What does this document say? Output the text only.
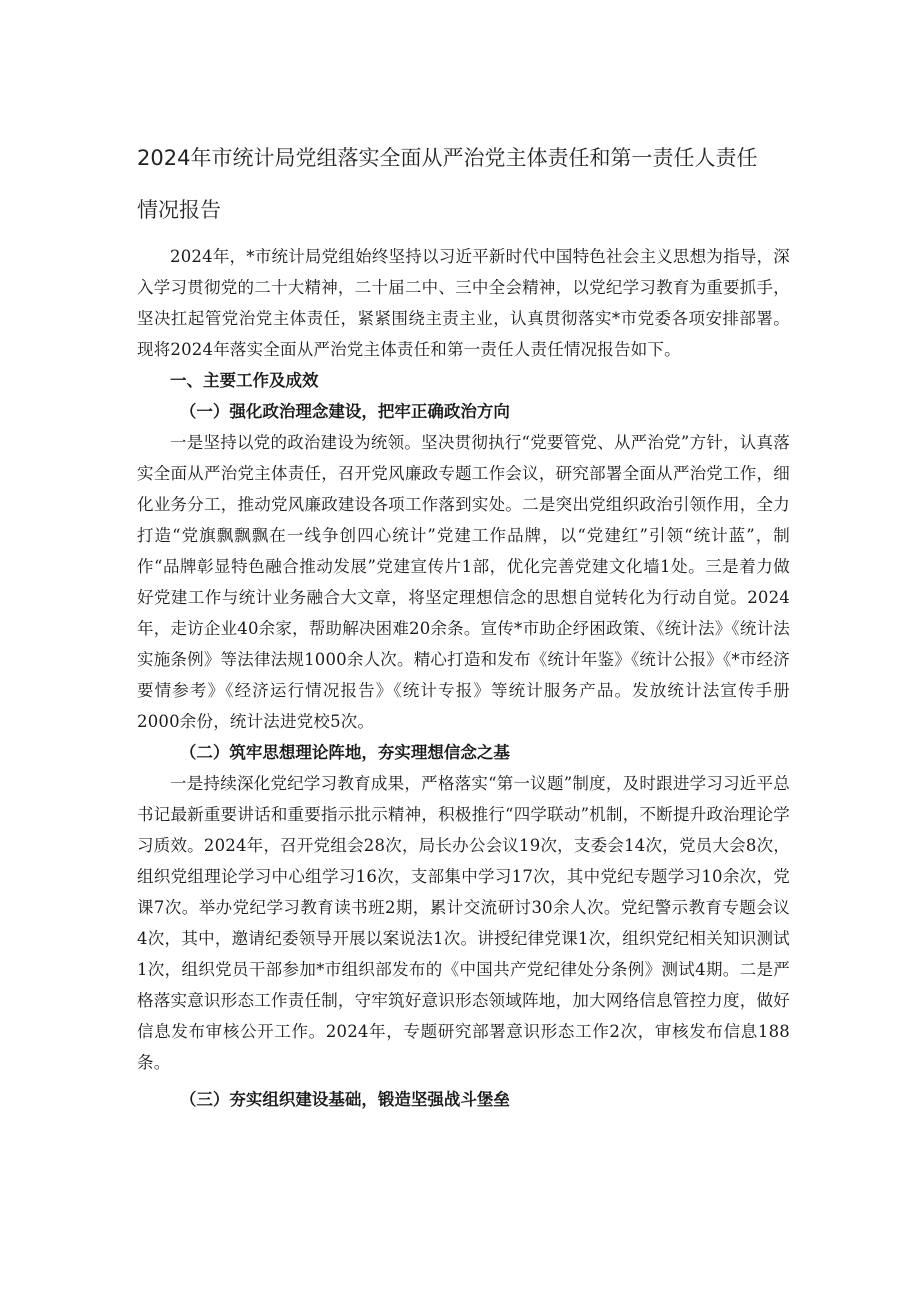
2024年市统计局党组落实全面从严治党主体责任和第一责任人责任
情况报告

2024年，*市统计局党组始终坚持以习近平新时代中国特色社会主义思想为指导，深入学习贯彻党的二十大精神，二十届二中、三中全会精神，以党纪学习教育为重要抓手，坚决扛起管党治党主体责任，紧紧围绕主责主业，认真贯彻落实*市党委各项安排部署。现将2024年落实全面从严治党主体责任和第一责任人责任情况报告如下。

一、主要工作及成效

（一）强化政治理念建设，把牢正确政治方向

一是坚持以党的政治建设为统领。坚决贯彻执行“党要管党、从严治党”方针，认真落实全面从严治党主体责任，召开党风廉政专题工作会议，研究部署全面从严治党工作，细化业务分工，推动党风廉政建设各项工作落到实处。二是突出党组织政治引领作用，全力打造“党旗飘飘飘在一线争创四心统计”党建工作品牌，以“党建红”引领“统计蓝”，制作“品牌彰显特色融合推动发展”党建宣传片1部，优化完善党建文化墙1处。三是着力做好党建工作与统计业务融合大文章，将坚定理想信念的思想自觉转化为行动自觉。2024年，走访企业40余家，帮助解决困难20余条。宣传*市助企纾困政策、《统计法》《统计法实施条例》等法律法规1000余人次。精心打造和发布《统计年鉴》《统计公报》《*市经济要情参考》《经济运行情况报告》《统计专报》等统计服务产品。发放统计法宣传手册2000余份，统计法进党校5次。

（二）筑牢思想理论阵地，夯实理想信念之基

一是持续深化党纪学习教育成果，严格落实“第一议题”制度，及时跟进学习习近平总书记最新重要讲话和重要指示批示精神，积极推行“四学联动”机制，不断提升政治理论学习质效。2024年，召开党组会28次，局长办公会议19次，支委会14次，党员大会8次，组织党组理论学习中心组学习16次，支部集中学习17次，其中党纪专题学习10余次，党课7次。举办党纪学习教育读书班2期，累计交流研讨30余人次。党纪警示教育专题会议4次，其中，邀请纪委领导开展以案说法1次。讲授纪律党课1次，组织党纪相关知识测试1次，组织党员干部参加*市组织部发布的《中国共产党纪律处分条例》测试4期。二是严格落实意识形态工作责任制，守牢筑好意识形态领域阵地，加大网络信息管控力度，做好信息发布审核公开工作。2024年，专题研究部署意识形态工作2次，审核发布信息188条。

（三）夯实组织建设基础，锻造坚强战斗堡垒
